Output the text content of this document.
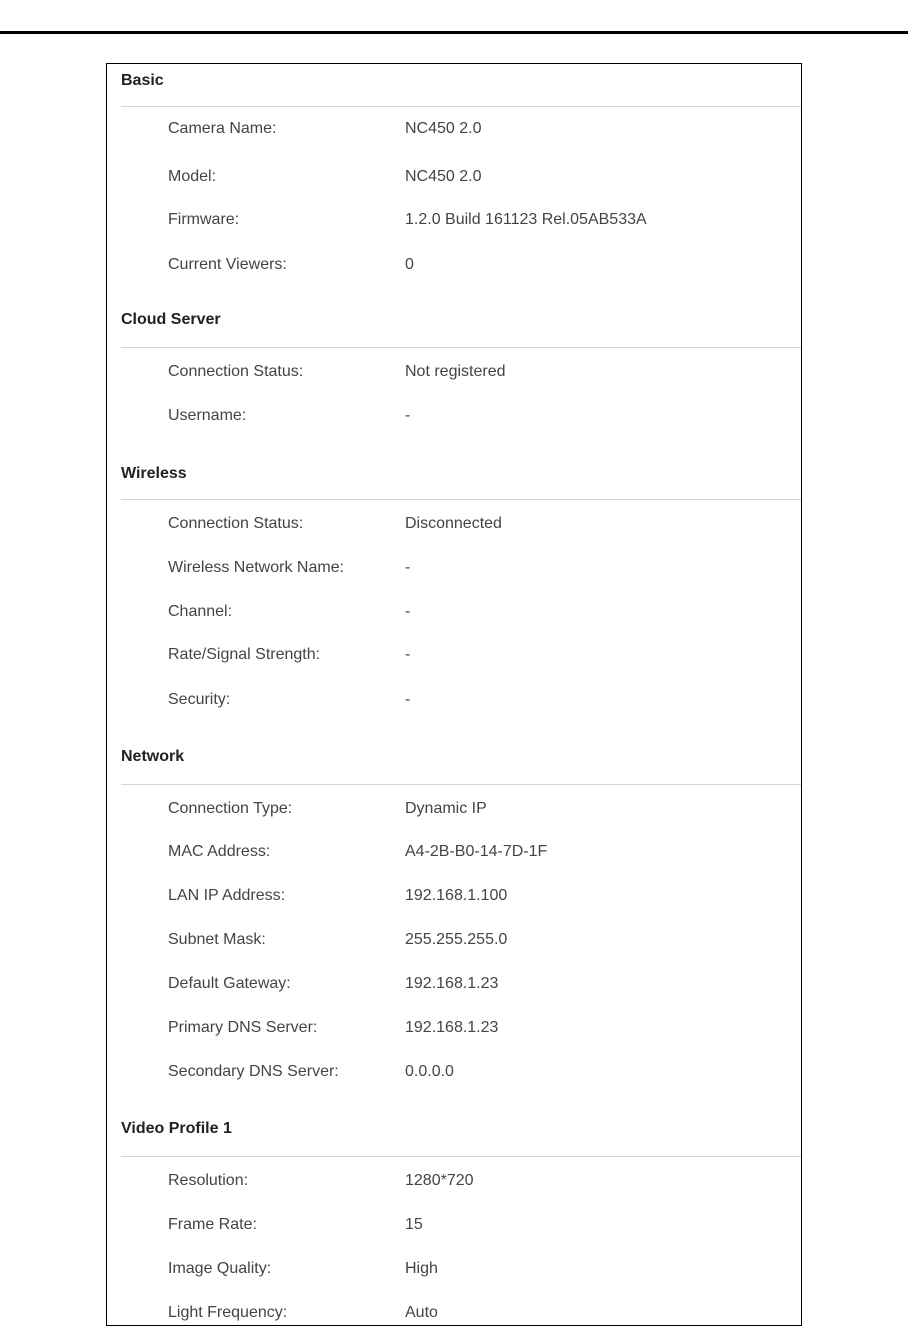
Basic
Camera Name:	NC450 2.0
Model:	NC450 2.0
Firmware:	1.2.0 Build 161123 Rel.05AB533A
Current Viewers:	0
Cloud Server
Connection Status:	Not registered
Username:	-
Wireless
Connection Status:	Disconnected
Wireless Network Name:	-
Channel:	-
Rate/Signal Strength:	-
Security:	-
Network
Connection Type:	Dynamic IP
MAC Address:	A4-2B-B0-14-7D-1F
LAN IP Address:	192.168.1.100
Subnet Mask:	255.255.255.0
Default Gateway:	192.168.1.23
Primary DNS Server:	192.168.1.23
Secondary DNS Server:	0.0.0.0
Video Profile 1
Resolution:	1280*720
Frame Rate:	15
Image Quality:	High
Light Frequency:	Auto
